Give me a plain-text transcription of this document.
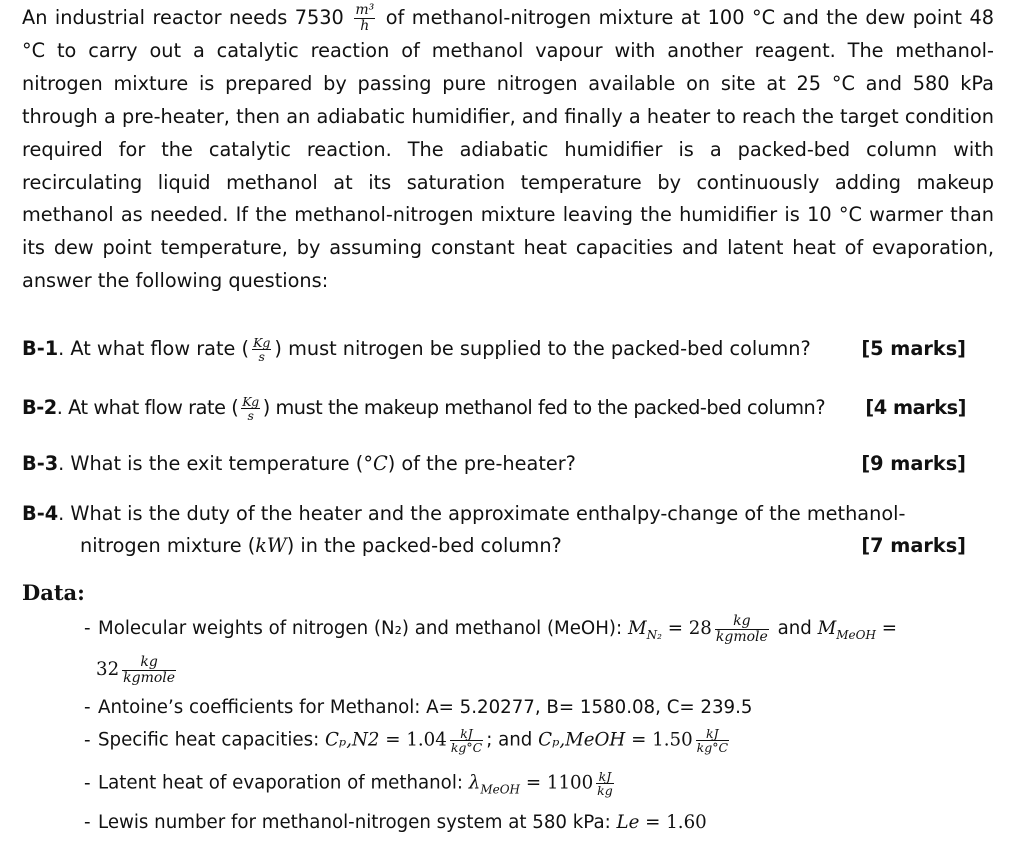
An industrial reactor needs $7530 \frac{\text{m³}}{h}$ of methanol-nitrogen mixture at 100 °C and the dew point 48 °C to carry out a catalytic reaction of methanol vapour with another reagent. The methanol-nitrogen mixture is prepared by passing pure nitrogen available on site at 25 °C and 580 kPa through a pre-heater, then an adiabatic humidifier, and finally a heater to reach the target condition required for the catalytic reaction. The adiabatic humidifier is a packed-bed column with recirculating liquid methanol at its saturation temperature by continuously adding makeup methanol as needed. If the methanol-nitrogen mixture leaving the humidifier is 10 °C warmer than its dew point temperature, by assuming constant heat capacities and latent heat of evaporation, answer the following questions:
B-1. At what flow rate ( $\frac{Kg}{s}$ ) must nitrogen be supplied to the packed-bed column?	[5 marks]
B-2. At what flow rate ( $\frac{Kg}{s}$ ) must the makeup methanol fed to the packed-bed column? [4 marks]
B-3. What is the exit temperature (°C) of the pre-heater?	[9 marks]
B-4. What is the duty of the heater and the approximate enthalpy-change of the methanol-
nitrogen mixture (kW) in the packed-bed column?	[7 marks]
Data:
- Molecular weights of nitrogen (N₂) and methanol (MeOH): $M_{N_2} = 28 \frac{kg}{\text{kgmole}}$ and $M_{MeOH}$ =
$32 \frac{kg}{\text{kgmole}}$
- Antoine’s coefficients for Methanol: A= 5.20277, B= 1580.08, C= 239.5
- Specific heat capacities: $C_p,N2 = 1.04 \frac{kJ}{kg^\circ C}$ ; and Cₚ,MeOH = $1.50 \frac{kJ}{kg^\circ C}$
- Latent heat of evaporation of methanol: $\lambda_{MeOH} = 1100 \frac{kJ}{kg}$
- Lewis number for methanol-nitrogen system at 580 kPa: Le = 1.60
